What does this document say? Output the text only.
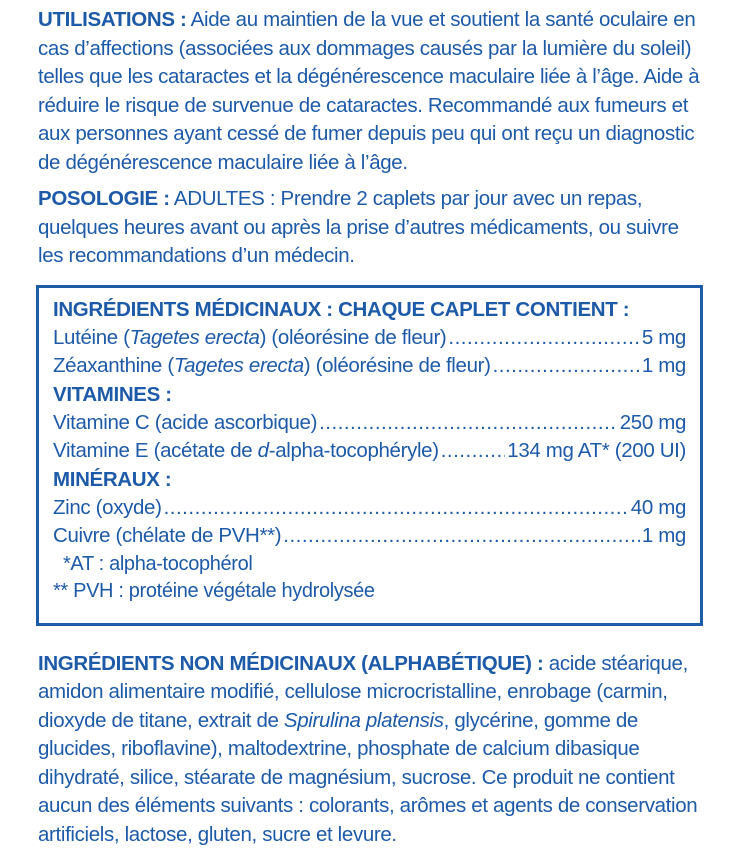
UTILISATIONS : Aide au maintien de la vue et soutient la santé oculaire en cas d’affections (associées aux dommages causés par la lumière du soleil) telles que les cataractes et la dégénérescence maculaire liée à l’âge. Aide à réduire le risque de survenue de cataractes. Recommandé aux fumeurs et aux personnes ayant cessé de fumer depuis peu qui ont reçu un diagnostic de dégénérescence maculaire liée à l’âge.

POSOLOGIE : ADULTES : Prendre 2 caplets par jour avec un repas, quelques heures avant ou après la prise d’autres médicaments, ou suivre les recommandations d’un médecin.

INGRÉDIENTS MÉDICINAUX : CHAQUE CAPLET CONTIENT :
Lutéine (Tagetes erecta) (oléorésine de fleur) .....	5 mg
Zéaxanthine (Tagetes erecta) (oléorésine de fleur) .....	1 mg
VITAMINES :
Vitamine C (acide ascorbique) .....	250 mg
Vitamine E (acétate de d-alpha-tocophéryle) .....	134 mg AT* (200 UI)
MINÉRAUX :
Zinc (oxyde) .....	40 mg
Cuivre (chélate de PVH**) .....	1 mg
*AT : alpha-tocophérol
** PVH : protéine végétale hydrolysée

INGRÉDIENTS NON MÉDICINAUX (ALPHABÉTIQUE) : acide stéarique, amidon alimentaire modifié, cellulose microcristalline, enrobage (carmin, dioxyde de titane, extrait de Spirulina platensis, glycérine, gomme de glucides, riboflavine), maltodextrine, phosphate de calcium dibasique dihydraté, silice, stéarate de magnésium, sucrose. Ce produit ne contient aucun des éléments suivants : colorants, arômes et agents de conservation artificiels, lactose, gluten, sucre et levure.
